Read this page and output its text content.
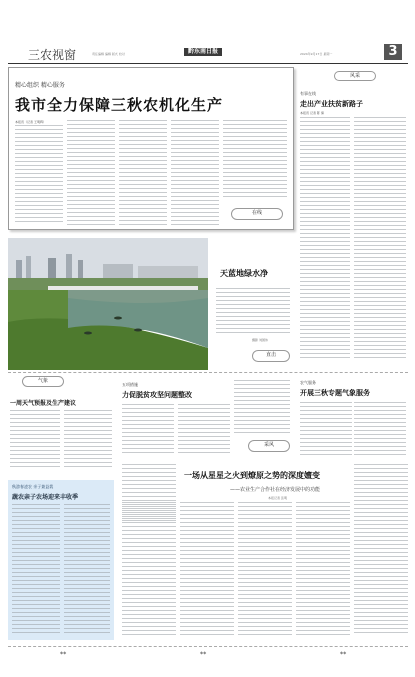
三农视窗	责任编辑 编辑 版式 校对	黔东南日报	2024年9月17日 星期一	3
精心组织 精心服务
我市全力保障三秋农机化生产
本报讯（记者 王明辉）
在线
天蓝地绿水净
摄影 刘国伟
直击
风采
有事在线
走出产业扶贫新路子
本报讯 记者 陈 倩
气象
一周天气预报及生产建议
五项措施
力促脱贫攻坚问题整改
采风
农气服务
开展三秋专题气象服务
秋游春凌农 亲子兼益栽
蔬农亲子农场迎来丰收季
一场从星星之火到燎原之势的深度嬗变
——农业生产合作社在经济发展中的功能
本报记者 张明
◆◆	◆◆	◆◆
